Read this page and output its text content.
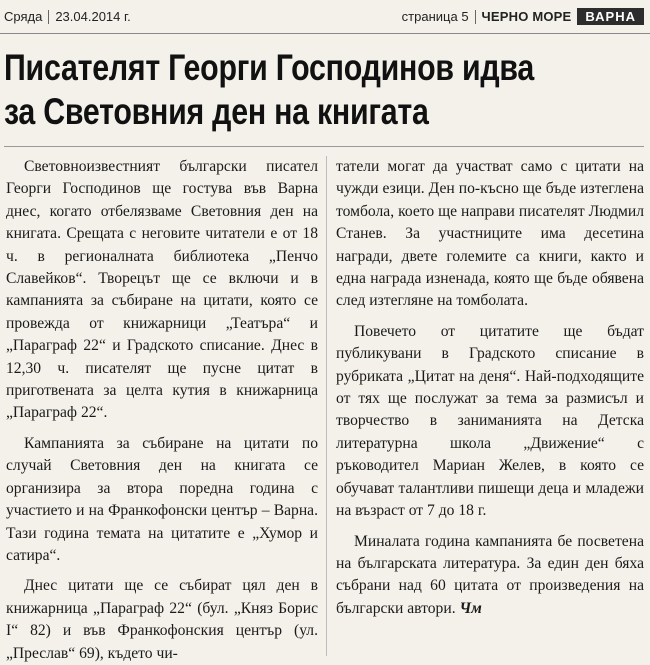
Сряда 23.04.2014 г.	страница 5 ЧЕРНО МОРЕ	ВАРНА
Писателят Георги Господинов идва
за Световния ден на книгата

Световноизвестният български писател Георги Господинов ще гостува във Варна днес, когато отбелязваме Световния ден на книгата. Срещата с неговите читатели е от 18 ч. в регионалната библиотека „Пенчо Славейков“. Творецът ще се включи и в кампанията за събиране на цитати, която се провежда от книжарници „Театъра“ и „Параграф 22“ и Градското списание. Днес в 12,30 ч. писателят ще пусне цитат в приготвената за целта кутия в книжарница „Параграф 22“.

Кампанията за събиране на цитати по случай Световния ден на книгата се организира за втора поредна година с участието и на Франкофонски център – Варна. Тази година темата на цитатите е „Хумор и сатира“.

Днес цитати ще се събират цял ден в книжарница „Параграф 22“ (бул. „Княз Борис I“ 82) и във Франкофонския център (ул. „Преслав“ 69), където чи-

татели могат да участват само с цитати на чужди езици. Ден по-късно ще бъде изтеглена томбола, което ще направи писателят Людмил Станев. За участниците има десетина награди, двете големите са книги, както и една награда изненада, която ще бъде обявена след изтегляне на томболата.

Повечето от цитатите ще бъдат публикувани в Градското списание в рубриката „Цитат на деня“. Най-подходящите от тях ще послужат за тема за размисъл и творчество в заниманията на Детска литературна школа „Движение“ с ръководител Мариан Желев, в която се обучават талантливи пишещи деца и младежи на възраст от 7 до 18 г.

Миналата година кампанията бе посветена на българската литература. За един ден бяха събрани над 60 цитата от произведения на български автори. Чм
